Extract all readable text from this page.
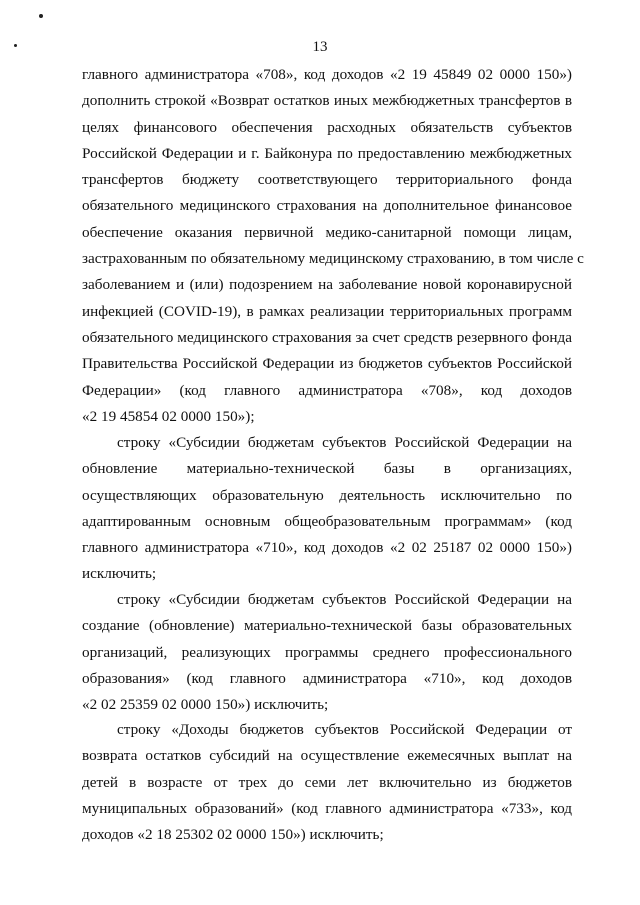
13
главного администратора «708», код доходов «2 19 45849 02 0000 150»)
дополнить строкой «Возврат остатков иных межбюджетных трансфертов в
целях финансового обеспечения расходных обязательств субъектов
Российской Федерации и г. Байконура по предоставлению межбюджетных
трансфертов бюджету соответствующего территориального фонда
обязательного медицинского страхования на дополнительное финансовое
обеспечение оказания первичной медико-санитарной помощи лицам,
застрахованным по обязательному медицинскому страхованию, в том числе с
заболеванием и (или) подозрением на заболевание новой коронавирусной
инфекцией (COVID-19), в рамках реализации территориальных программ
обязательного медицинского страхования за счет средств резервного фонда
Правительства Российской Федерации из бюджетов субъектов Российской
Федерации» (код главного администратора «708», код доходов
«2 19 45854 02 0000 150»);
строку «Субсидии бюджетам субъектов Российской Федерации на
обновление материально-технической базы в организациях,
осуществляющих образовательную деятельность исключительно по
адаптированным основным общеобразовательным программам» (код
главного администратора «710», код доходов «2 02 25187 02 0000 150»)
исключить;
строку «Субсидии бюджетам субъектов Российской Федерации на
создание (обновление) материально-технической базы образовательных
организаций, реализующих программы среднего профессионального
образования» (код главного администратора «710», код доходов
«2 02 25359 02 0000 150») исключить;
строку «Доходы бюджетов субъектов Российской Федерации от
возврата остатков субсидий на осуществление ежемесячных выплат на
детей в возрасте от трех до семи лет включительно из бюджетов
муниципальных образований» (код главного администратора «733», код
доходов «2 18 25302 02 0000 150») исключить;
